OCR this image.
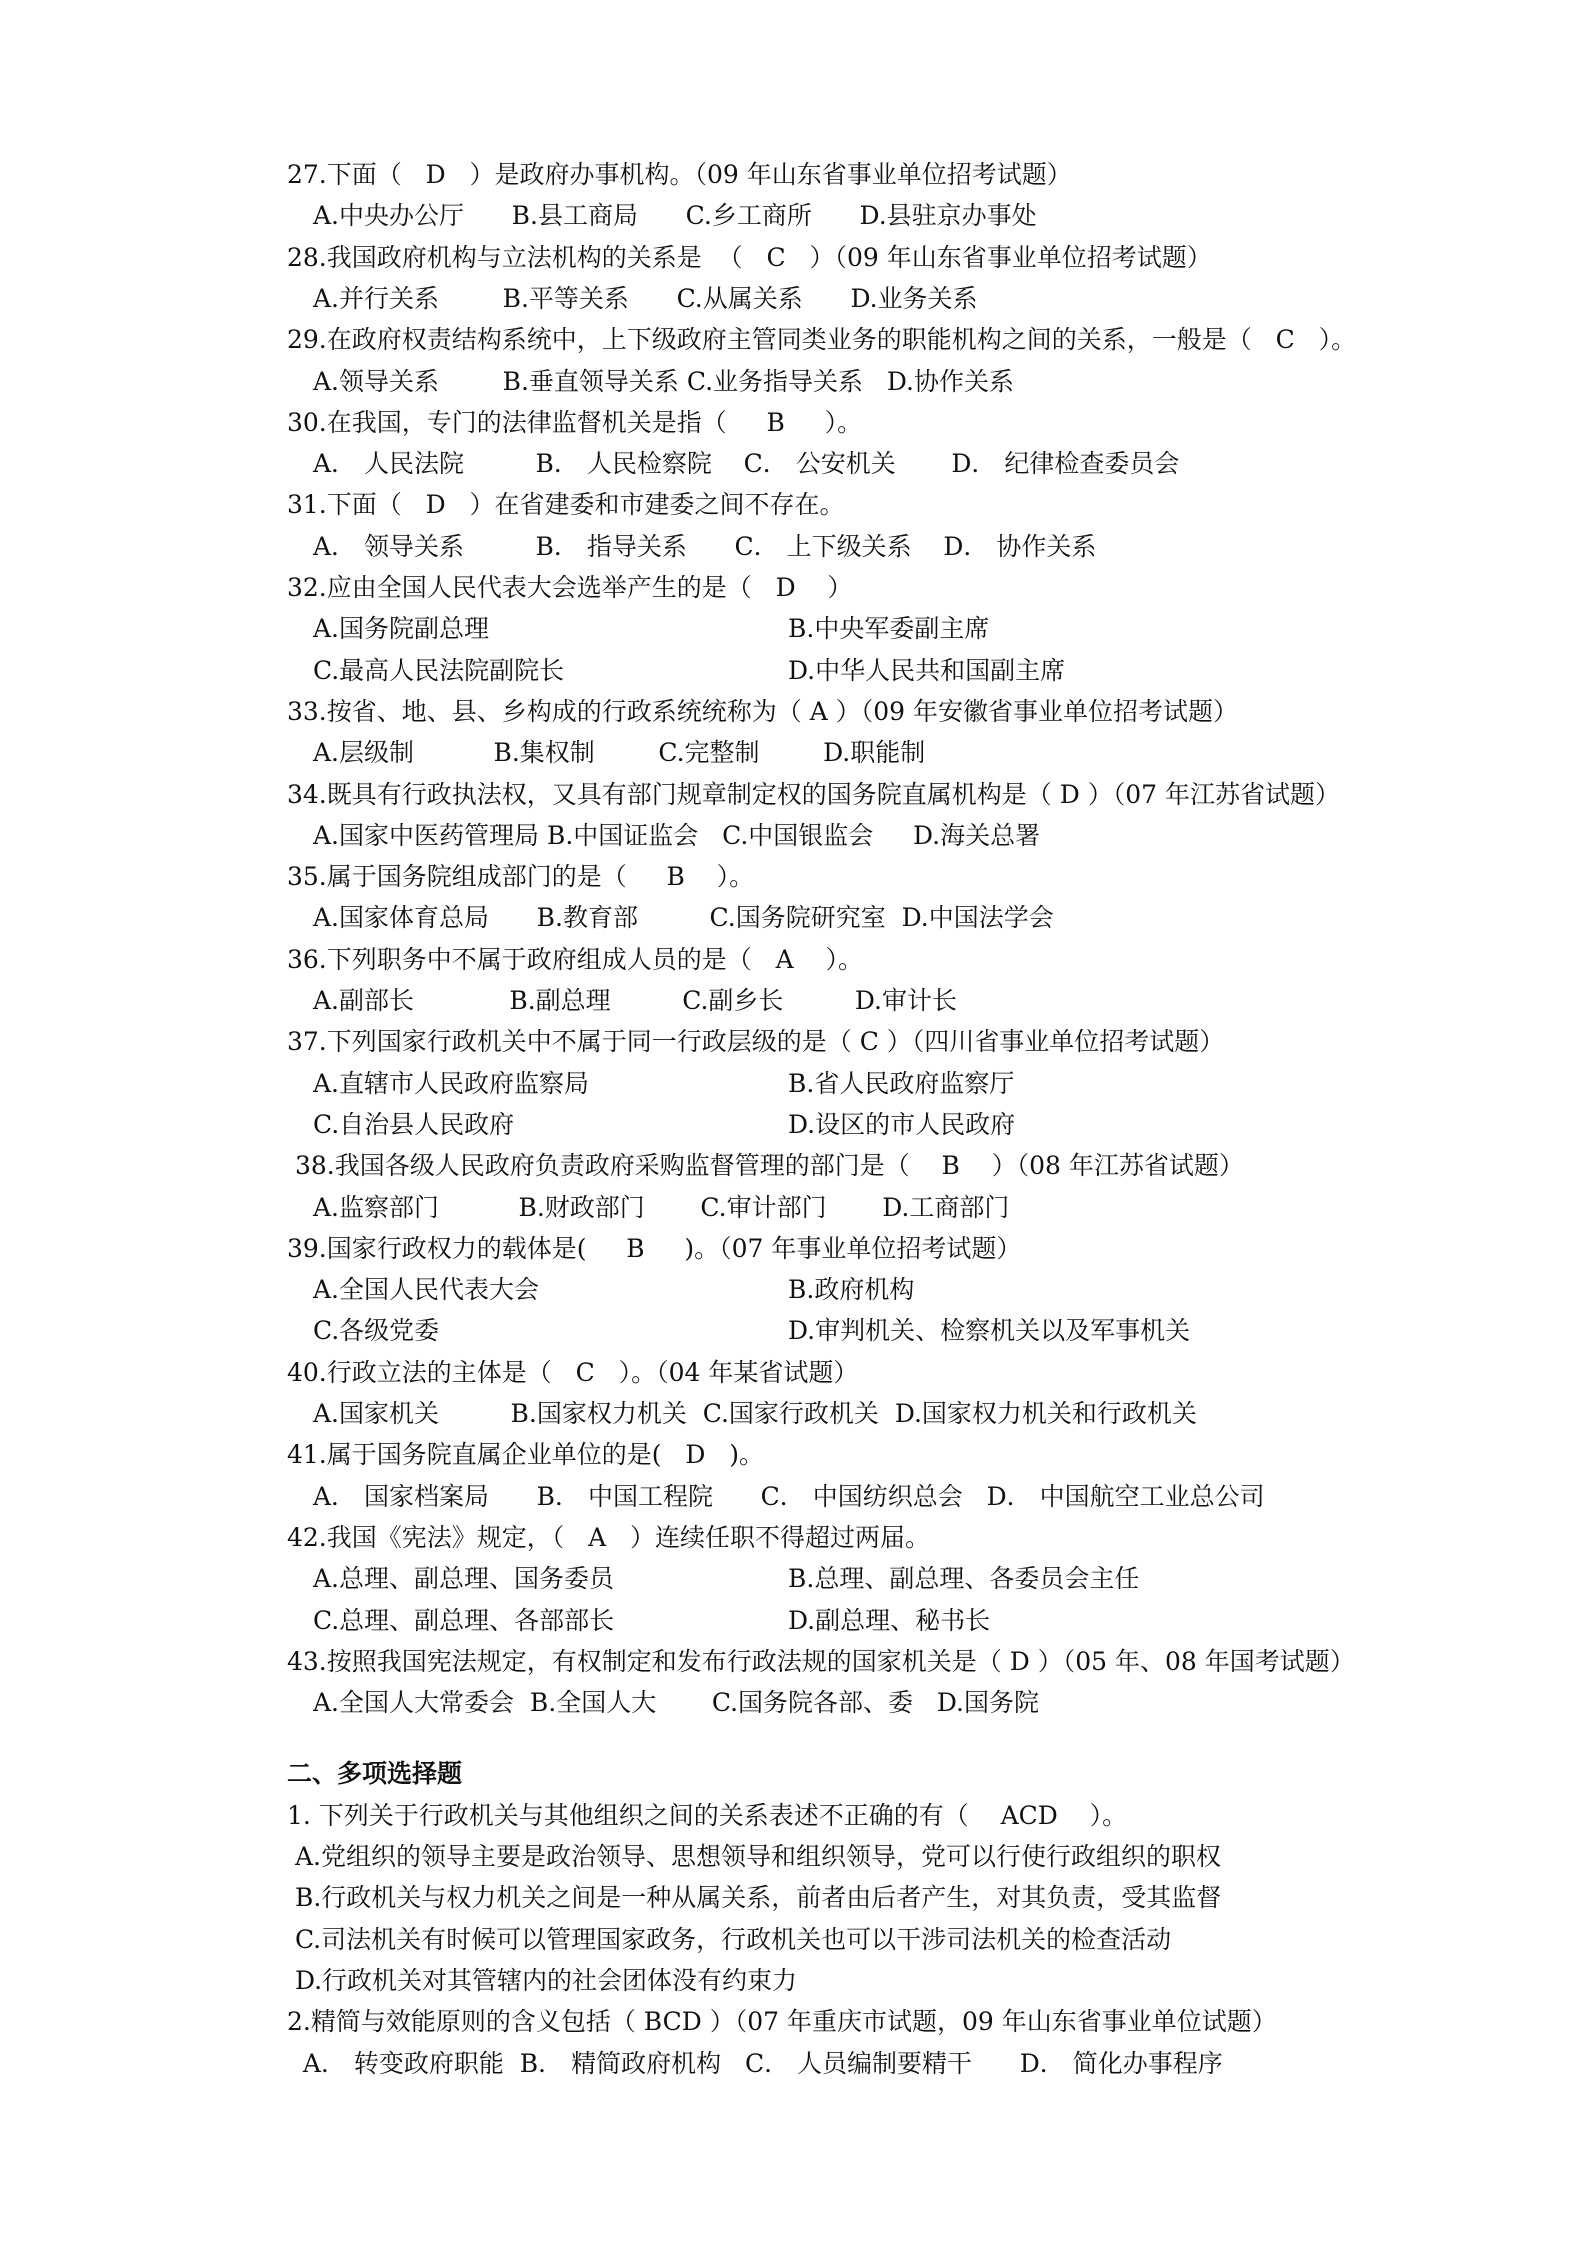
27.下面（   D   ）是政府办事机构。（09 年山东省事业单位招考试题）
A.中央办公厅      B.县工商局      C.乡工商所      D.县驻京办事处
28.我国政府机构与立法机构的关系是  （   C   ）（09 年山东省事业单位招考试题）
A.并行关系        B.平等关系      C.从属关系      D.业务关系
29.在政府权责结构系统中，上下级政府主管同类业务的职能机构之间的关系，一般是（   C   ）。
A.领导关系        B.垂直领导关系 C.业务指导关系   D.协作关系
30.在我国，专门的法律监督机关是指（     B     ）。
A． 人民法院         B． 人民检察院    C． 公安机关       D． 纪律检查委员会
31.下面（   D   ）在省建委和市建委之间不存在。
A． 领导关系         B． 指导关系      C． 上下级关系    D． 协作关系
32.应由全国人民代表大会选举产生的是（   D    ）
A.国务院副总理	B.中央军委副主席
C.最高人民法院副院长	D.中华人民共和国副主席
33.按省、地、县、乡构成的行政系统统称为（ A ）（09 年安徽省事业单位招考试题）
A.层级制          B.集权制        C.完整制        D.职能制
34.既具有行政执法权，又具有部门规章制定权的国务院直属机构是（ D ）（07 年江苏省试题）
A.国家中医药管理局 B.中国证监会   C.中国银监会     D.海关总署
35.属于国务院组成部门的是（     B    ）。
A.国家体育总局      B.教育部         C.国务院研究室  D.中国法学会
36.下列职务中不属于政府组成人员的是（   A    ）。
A.副部长            B.副总理         C.副乡长         D.审计长
37.下列国家行政机关中不属于同一行政层级的是（ C ）（四川省事业单位招考试题）
A.直辖市人民政府监察局	B.省人民政府监察厅
C.自治县人民政府	D.设区的市人民政府
38.我国各级人民政府负责政府采购监督管理的部门是（    B    ）（08 年江苏省试题）
A.监察部门          B.财政部门       C.审计部门       D.工商部门
39.国家行政权力的载体是(     B     )。（07 年事业单位招考试题）
A.全国人民代表大会	B.政府机构
C.各级党委	D.审判机关、检察机关以及军事机关
40.行政立法的主体是（   C   ）。（04 年某省试题）
A.国家机关         B.国家权力机关  C.国家行政机关  D.国家权力机关和行政机关
41.属于国务院直属企业单位的是(   D   )。
A． 国家档案局      B． 中国工程院      C． 中国纺织总会   D． 中国航空工业总公司
42.我国《宪法》规定，（   A   ）连续任职不得超过两届。
A.总理、副总理、国务委员	B.总理、副总理、各委员会主任
C.总理、副总理、各部部长	D.副总理、秘书长
43.按照我国宪法规定，有权制定和发布行政法规的国家机关是（ D ）（05 年、08 年国考试题）
A.全国人大常委会  B.全国人大       C.国务院各部、委   D.国务院
二、多项选择题
1. 下列关于行政机关与其他组织之间的关系表述不正确的有（    ACD    ）。
A.党组织的领导主要是政治领导、思想领导和组织领导，党可以行使行政组织的职权
B.行政机关与权力机关之间是一种从属关系，前者由后者产生，对其负责，受其监督
C.司法机关有时候可以管理国家政务，行政机关也可以干涉司法机关的检查活动
D.行政机关对其管辖内的社会团体没有约束力
2.精简与效能原则的含义包括（ BCD ）（07 年重庆市试题，09 年山东省事业单位试题）
A． 转变政府职能  B． 精简政府机构   C． 人员编制要精干      D． 简化办事程序
